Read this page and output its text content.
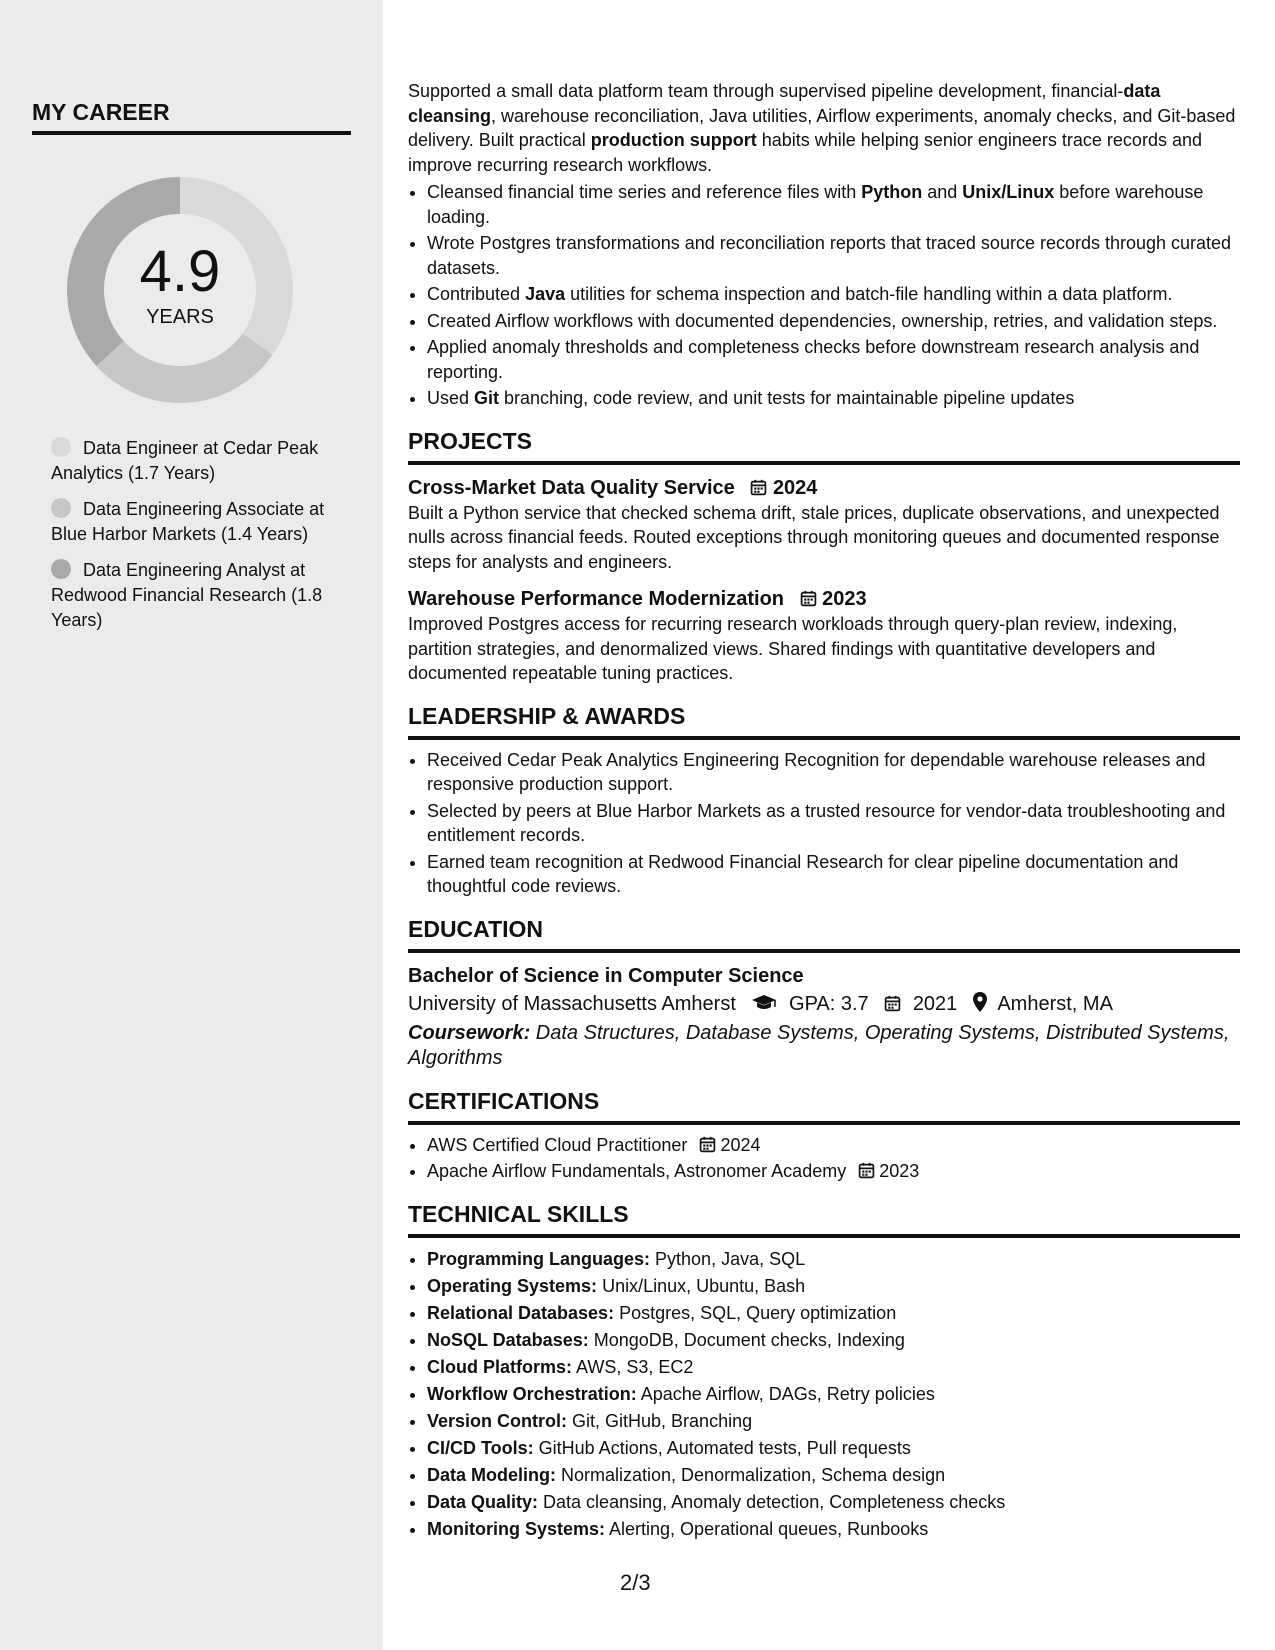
MY CAREER
4.9
YEARS
Data Engineer at Cedar Peak Analytics (1.7 Years)
Data Engineering Associate at Blue Harbor Markets (1.4 Years)
Data Engineering Analyst at Redwood Financial Research (1.8 Years)

Supported a small data platform team through supervised pipeline development, financial-data cleansing, warehouse reconciliation, Java utilities, Airflow experiments, anomaly checks, and Git-based delivery. Built practical production support habits while helping senior engineers trace records and improve recurring research workflows.

• Cleansed financial time series and reference files with Python and Unix/Linux before warehouse loading.
• Wrote Postgres transformations and reconciliation reports that traced source records through curated datasets.
• Contributed Java utilities for schema inspection and batch-file handling within a data platform.
• Created Airflow workflows with documented dependencies, ownership, retries, and validation steps.
• Applied anomaly thresholds and completeness checks before downstream research analysis and reporting.
• Used Git branching, code review, and unit tests for maintainable pipeline updates
PROJECTS
Cross-Market Data Quality Service 2024

Built a Python service that checked schema drift, stale prices, duplicate observations, and unexpected nulls across financial feeds. Routed exceptions through monitoring queues and documented response steps for analysts and engineers.

Warehouse Performance Modernization 2023

Improved Postgres access for recurring research workloads through query-plan review, indexing, partition strategies, and denormalized views. Shared findings with quantitative developers and documented repeatable tuning practices.

LEADERSHIP & AWARDS
• Received Cedar Peak Analytics Engineering Recognition for dependable warehouse releases and responsive production support.
• Selected by peers at Blue Harbor Markets as a trusted resource for vendor-data troubleshooting and entitlement records.
• Earned team recognition at Redwood Financial Research for clear pipeline documentation and thoughtful code reviews.
EDUCATION
Bachelor of Science in Computer Science
University of Massachusetts Amherst	GPA: 3.7 2021 Amherst, MA
Coursework: Data Structures, Database Systems, Operating Systems, Distributed Systems, Algorithms
CERTIFICATIONS
• AWS Certified Cloud Practitioner 2024
• Apache Airflow Fundamentals, Astronomer Academy 2023
TECHNICAL SKILLS
• Programming Languages: Python, Java, SQL
• Operating Systems: Unix/Linux, Ubuntu, Bash
• Relational Databases: Postgres, SQL, Query optimization
• NoSQL Databases: MongoDB, Document checks, Indexing
• Cloud Platforms: AWS, S3, EC2
• Workflow Orchestration: Apache Airflow, DAGs, Retry policies
• Version Control: Git, GitHub, Branching
• CI/CD Tools: GitHub Actions, Automated tests, Pull requests
• Data Modeling: Normalization, Denormalization, Schema design
• Data Quality: Data cleansing, Anomaly detection, Completeness checks
• Monitoring Systems: Alerting, Operational queues, Runbooks
2/3
